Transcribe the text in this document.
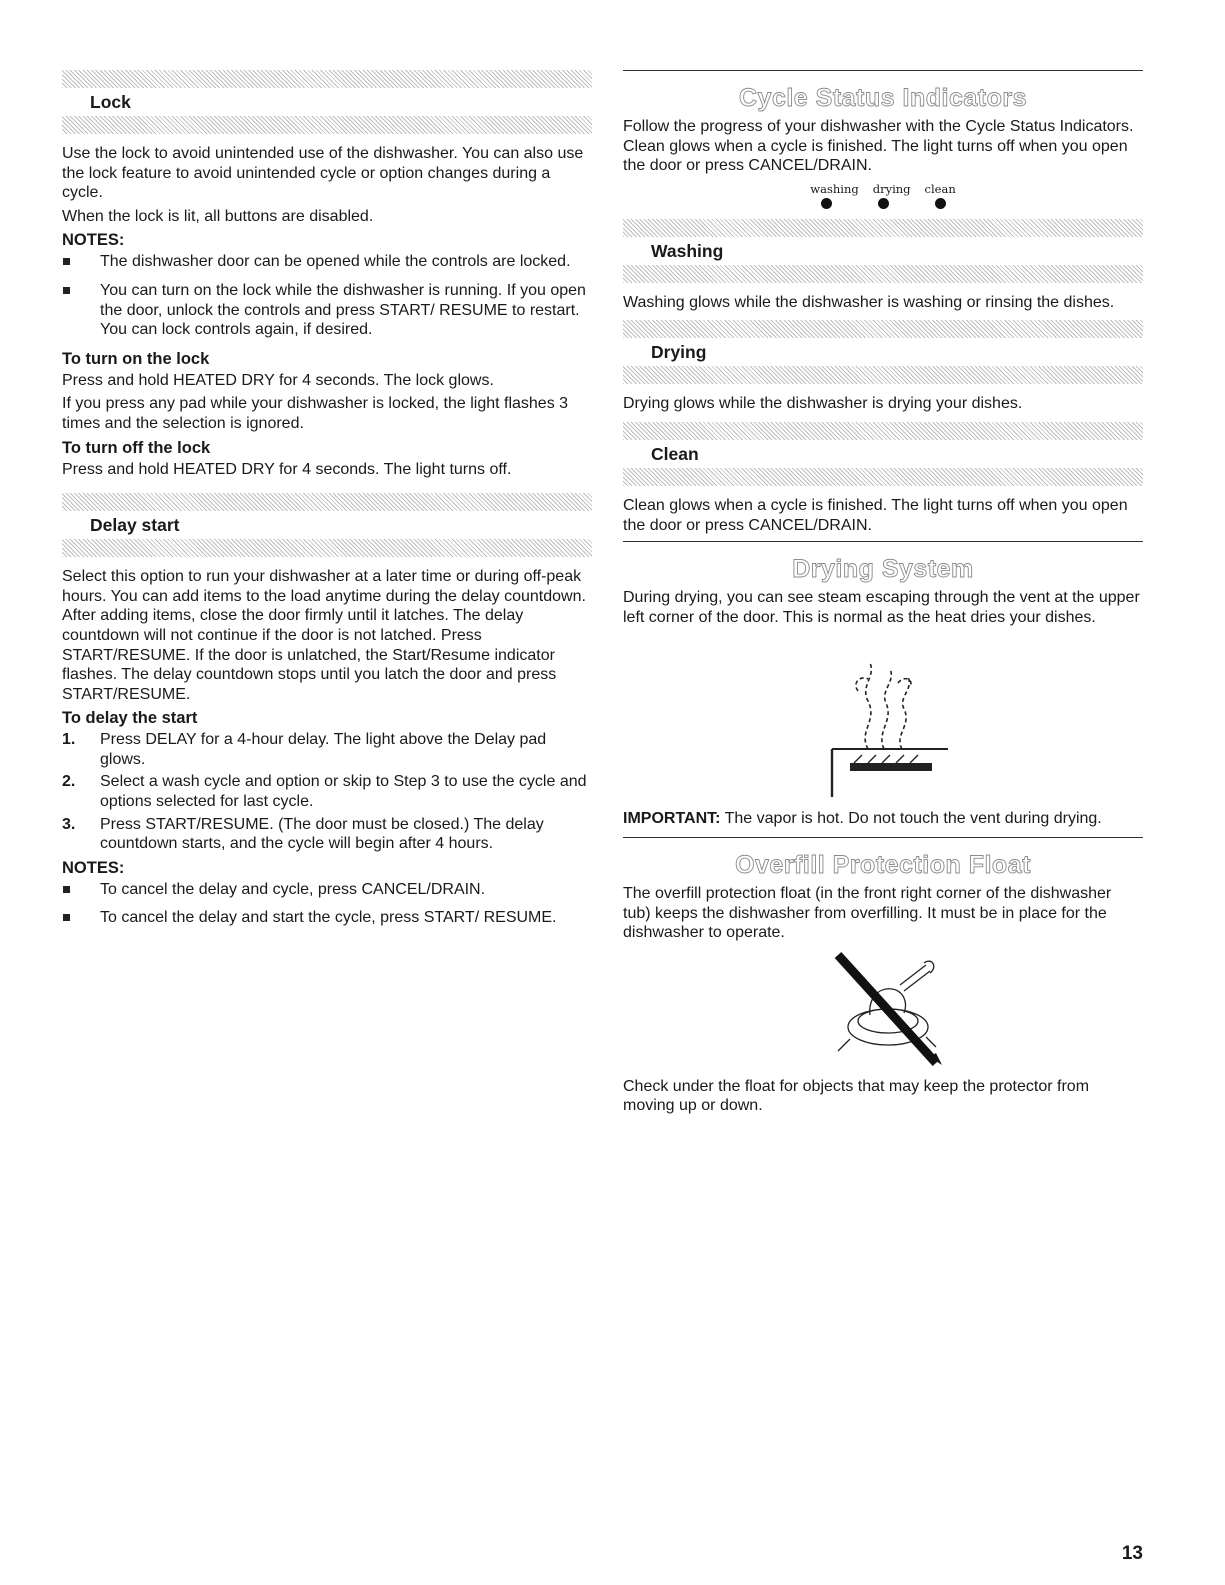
Lock

Use the lock to avoid unintended use of the dishwasher. You can also use the lock feature to avoid unintended cycle or option changes during a cycle.

When the lock is lit, all buttons are disabled.

NOTES:
The dishwasher door can be opened while the controls are locked.
You can turn on the lock while the dishwasher is running. If you open the door, unlock the controls and press START/ RESUME to restart. You can lock controls again, if desired.
To turn on the lock

Press and hold HEATED DRY for 4 seconds. The lock glows.

If you press any pad while your dishwasher is locked, the light flashes 3 times and the selection is ignored.

To turn off the lock

Press and hold HEATED DRY for 4 seconds. The light turns off.

Delay start

Select this option to run your dishwasher at a later time or during off-peak hours. You can add items to the load anytime during the delay countdown. After adding items, close the door firmly until it latches. The delay countdown will not continue if the door is not latched. Press START/RESUME. If the door is unlatched, the Start/Resume indicator flashes. The delay countdown stops until you latch the door and press START/RESUME.

To delay the start
1. Press DELAY for a 4-hour delay. The light above the Delay pad glows.
2. Select a wash cycle and option or skip to Step 3 to use the cycle and options selected for last cycle.
3. Press START/RESUME. (The door must be closed.) The delay countdown starts, and the cycle will begin after 4 hours.
NOTES:
To cancel the delay and cycle, press CANCEL/DRAIN.
To cancel the delay and start the cycle, press START/ RESUME.
Cycle Status Indicators

Follow the progress of your dishwasher with the Cycle Status Indicators. Clean glows when a cycle is finished. The light turns off when you open the door or press CANCEL/DRAIN.

washing drying clean
Washing

Washing glows while the dishwasher is washing or rinsing the dishes.

Drying

Drying glows while the dishwasher is drying your dishes.

Clean

Clean glows when a cycle is finished. The light turns off when you open the door or press CANCEL/DRAIN.

Drying System

During drying, you can see steam escaping through the vent at the upper left corner of the door. This is normal as the heat dries your dishes.

IMPORTANT: The vapor is hot. Do not touch the vent during drying.

Overfill Protection Float

The overfill protection float (in the front right corner of the dishwasher tub) keeps the dishwasher from overfilling. It must be in place for the dishwasher to operate.

Check under the float for objects that may keep the protector from moving up or down.

13
